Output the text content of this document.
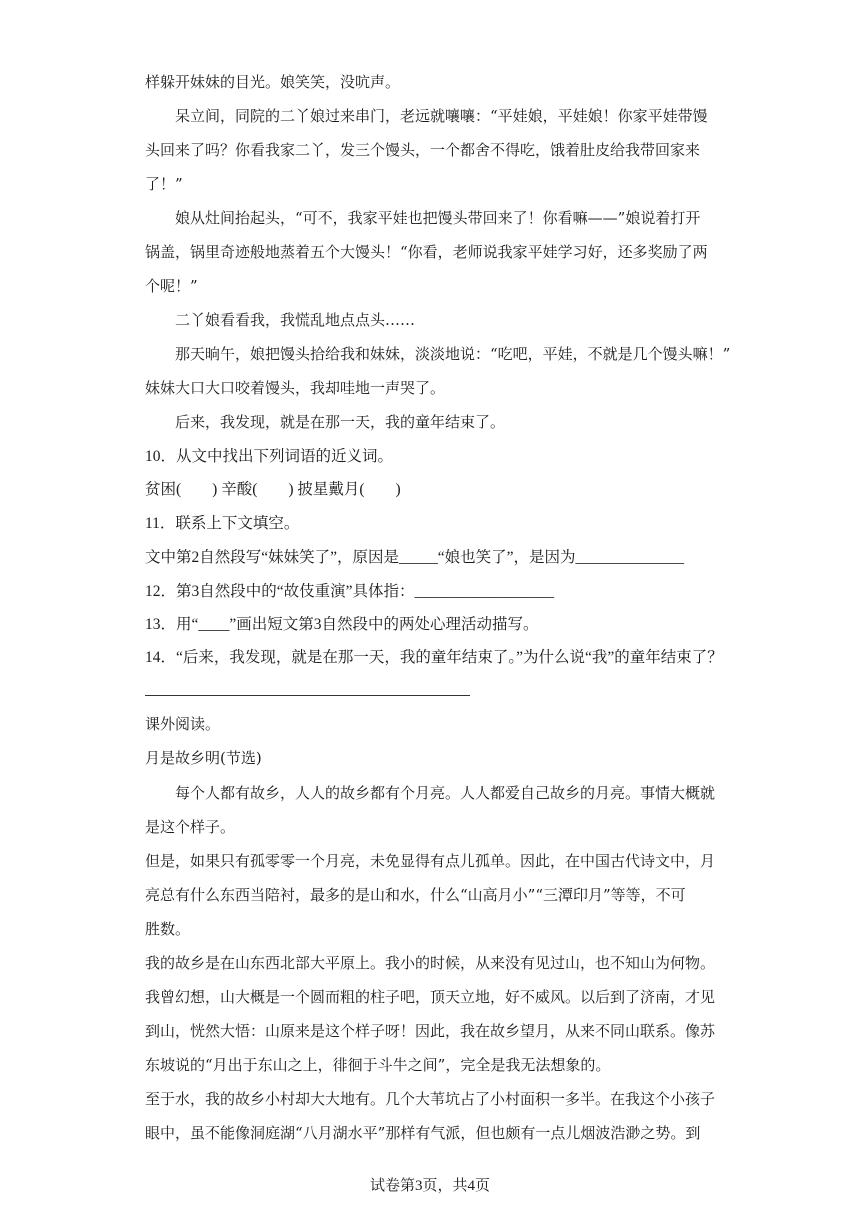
样躲开妹妹的目光。娘笑笑，没吭声。
呆立间，同院的二丫娘过来串门，老远就嚷嚷：“平娃娘，平娃娘！你家平娃带馒
头回来了吗？你看我家二丫，发三个馒头，一个都舍不得吃，饿着肚皮给我带回家来
了！”
娘从灶间抬起头，“可不，我家平娃也把馒头带回来了！你看嘛——”娘说着打开
锅盖，锅里奇迹般地蒸着五个大馒头！“你看，老师说我家平娃学习好，还多奖励了两
个呢！”
二丫娘看看我，我慌乱地点点头……
那天晌午，娘把馒头拾给我和妹妹，淡淡地说：“吃吧，平娃，不就是几个馒头嘛！”
妹妹大口大口咬着馒头，我却哇地一声哭了。
后来，我发现，就是在那一天，我的童年结束了。
10．从文中找出下列词语的近义词。
贫困(　　) 辛酸(　　) 披星戴月(　　)
11．联系上下文填空。
文中第2自然段写“妹妹笑了”，原因是_____“娘也笑了”，是因为______________
12．第3自然段中的“故伎重演”具体指：__________________
13．用“____”画出短文第3自然段中的两处心理活动描写。
14．“后来，我发现，就是在那一天，我的童年结束了。”为什么说“我”的童年结束了？
课外阅读。
月是故乡明(节选)
每个人都有故乡，人人的故乡都有个月亮。人人都爱自己故乡的月亮。事情大概就
是这个样子。
但是，如果只有孤零零一个月亮，未免显得有点儿孤单。因此，在中国古代诗文中，月
亮总有什么东西当陪衬，最多的是山和水，什么“山高月小”“三潭印月”等等，不可
胜数。
我的故乡是在山东西北部大平原上。我小的时候，从来没有见过山，也不知山为何物。
我曾幻想，山大概是一个圆而粗的柱子吧，顶天立地，好不威风。以后到了济南，才见
到山，恍然大悟：山原来是这个样子呀！因此，我在故乡望月，从来不同山联系。像苏
东坡说的“月出于东山之上，徘徊于斗牛之间”，完全是我无法想象的。
至于水，我的故乡小村却大大地有。几个大苇坑占了小村面积一多半。在我这个小孩子
眼中，虽不能像洞庭湖“八月湖水平”那样有气派，但也颇有一点儿烟波浩渺之势。到
试卷第3页，共4页
